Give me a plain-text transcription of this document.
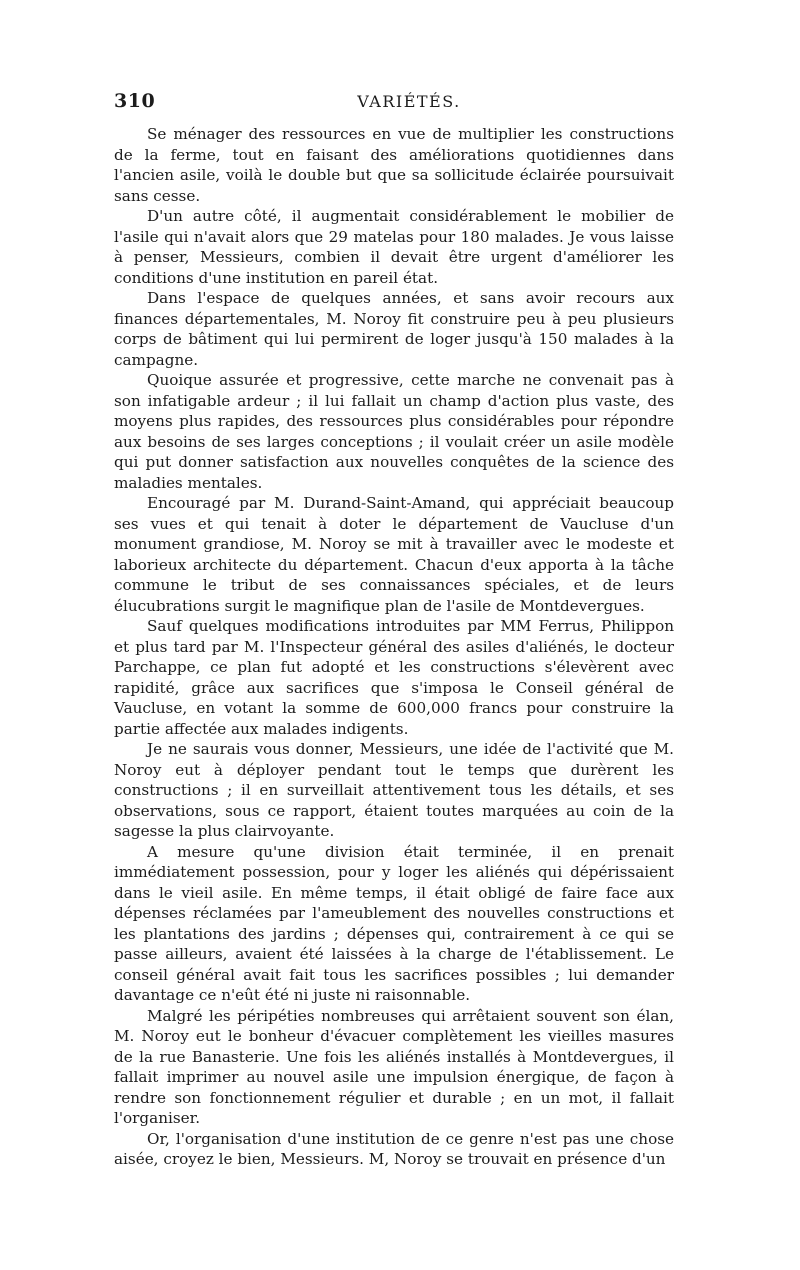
310	VARIÉTÉS.

Se ménager des ressources en vue de multiplier les constructions de la ferme, tout en faisant des améliorations quotidiennes dans l'ancien asile, voilà le double but que sa sollicitude éclairée poursuivait sans cesse.

D'un autre côté, il augmentait considérablement le mobilier de l'asile qui n'avait alors que 29 matelas pour 180 malades. Je vous laisse à penser, Messieurs, combien il devait être urgent d'améliorer les conditions d'une institution en pareil état.

Dans l'espace de quelques années, et sans avoir recours aux finances départementales, M. Noroy fit construire peu à peu plusieurs corps de bâtiment qui lui permirent de loger jusqu'à 150 malades à la campagne.

Quoique assurée et progressive, cette marche ne convenait pas à son infatigable ardeur ; il lui fallait un champ d'action plus vaste, des moyens plus rapides, des ressources plus considérables pour répondre aux besoins de ses larges conceptions ; il voulait créer un asile modèle qui put donner satisfaction aux nouvelles conquêtes de la science des maladies mentales.

Encouragé par M. Durand-Saint-Amand, qui appréciait beaucoup ses vues et qui tenait à doter le département de Vaucluse d'un monument grandiose, M. Noroy se mit à travailler avec le modeste et laborieux architecte du département. Chacun d'eux apporta à la tâche commune le tribut de ses connaissances spéciales, et de leurs élucubrations surgit le magnifique plan de l'asile de Montdevergues.

Sauf quelques modifications introduites par MM Ferrus, Philippon et plus tard par M. l'Inspecteur général des asiles d'aliénés, le docteur Parchappe, ce plan fut adopté et les constructions s'élevèrent avec rapidité, grâce aux sacrifices que s'imposa le Conseil général de Vaucluse, en votant la somme de 600,000 francs pour construire la partie affectée aux malades indigents.

Je ne saurais vous donner, Messieurs, une idée de l'activité que M. Noroy eut à déployer pendant tout le temps que durèrent les constructions ; il en surveillait attentivement tous les détails, et ses observations, sous ce rapport, étaient toutes marquées au coin de la sagesse la plus clairvoyante.

A mesure qu'une division était terminée, il en prenait immédiatement possession, pour y loger les aliénés qui dépérissaient dans le vieil asile. En même temps, il était obligé de faire face aux dépenses réclamées par l'ameublement des nouvelles constructions et les plantations des jardins ; dépenses qui, contrairement à ce qui se passe ailleurs, avaient été laissées à la charge de l'établissement. Le conseil général avait fait tous les sacrifices possibles ; lui demander davantage ce n'eût été ni juste ni raisonnable.

Malgré les péripéties nombreuses qui arrêtaient souvent son élan, M. Noroy eut le bonheur d'évacuer complètement les vieilles masures de la rue Banasterie. Une fois les aliénés installés à Montdevergues, il fallait imprimer au nouvel asile une impulsion énergique, de façon à rendre son fonctionnement régulier et durable ; en un mot, il fallait l'organiser.

Or, l'organisation d'une institution de ce genre n'est pas une chose aisée, croyez le bien, Messieurs. M, Noroy se trouvait en présence d'un
